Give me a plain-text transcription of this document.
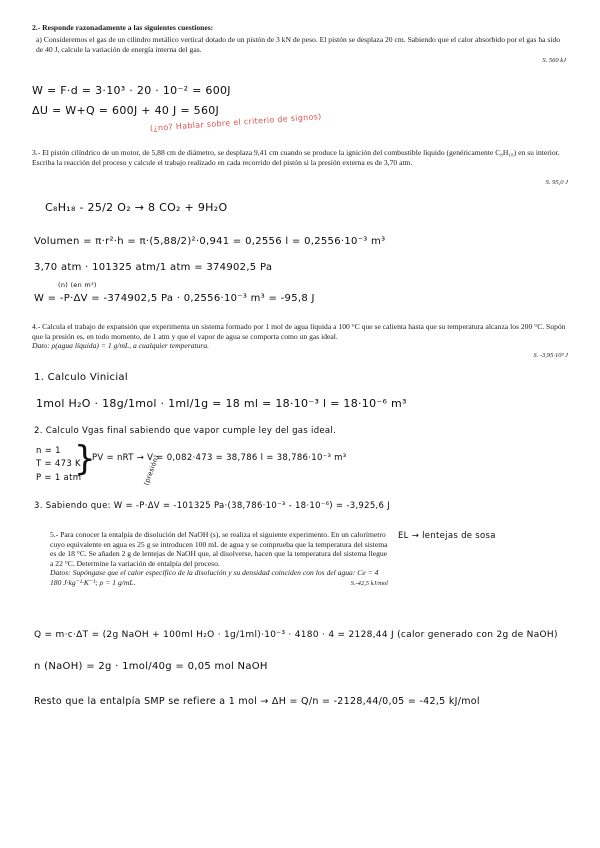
2.- Responde razonadamente a las siguientes cuestiones:

a) Consideremos el gas de un cilindro metálico vertical dotado de un pistón de 3 kN de peso. El pistón se desplaza 20 cm. Sabiendo que el calor absorbido por el gas ha sido de 40 J, calcule la variación de energía interna del gas.

S. 560 kJ
W = F·d = 3·10³ · 20 · 10⁻² = 600J
ΔU = W+Q = 600J + 40 J = 560J
(¿no? Hablar sobre el criterio de signos)

3.- El pistón cilíndrico de un motor, de 5,88 cm de diámetro, se desplaza 9,41 cm cuando se produce la ignición del combustible líquido (genéricamente C₈H₁₈) en su interior. Escriba la reacción del proceso y calcule el trabajo realizado en cada recorrido del pistón si la presión externa es de 3,70 atm.

S. 95,0 J
C₈H₁₈ - 25/2 O₂ → 8 CO₂ + 9H₂O
Volumen = π·r²·h = π·(5,88/2)²·0,941 = 0,2556 l = 0,2556·10⁻³ m³
3,70 atm · 101325 atm/1 atm = 374902,5 Pa
(n) (en m³)
W = -P·ΔV = -374902,5 Pa · 0,2556·10⁻³ m³ = -95,8 J

4.- Calcula el trabajo de expansión que experimenta un sistema formado por 1 mol de agua líquida a 100 °C que se calienta hasta que su temperatura alcanza los 200 °C. Supón que la presión es, en todo momento, de 1 atm y que el vapor de agua se comporta como un gas ideal.

Dato: ρ(agua líquida) = 1 g/mL, a cualquier temperatura.

S. -3,95·10³ J
1. Calculo Vinicial
1mol H₂O · 18g/1mol · 1ml/1g = 18 ml = 18·10⁻³ l = 18·10⁻⁶ m³
2. Calculo Vgas final sabiendo que vapor cumple ley del gas ideal.
n = 1
T = 473 K
P = 1 atm
}
PV = nRT → V = 0,082·473 = 38,786 l = 38,786·10⁻³ m³
(presión)
3. Sabiendo que: W = -P·ΔV = -101325 Pa·(38,786·10⁻³ - 18·10⁻⁶) = -3,925,6 J

5.- Para conocer la entalpía de disolución del NaOH (s), se realiza el siguiente experimento. En un calorímetro cuyo equivalente en agua es 25 g se introducen 100 mL de agua y se comprueba que la temperatura del sistema es de 18 °C. Se añaden 2 g de lentejas de NaOH que, al disolverse, hacen que la temperatura del sistema llegue a 22 °C. Determine la variación de entalpía del proceso.

Datos: Supóngase que el calor específico de la disolución y su densidad coinciden con los del agua: Ce = 4 180 J·kg⁻¹·K⁻¹; ρ = 1 g/mL.	S.-42,5 kJ/mol
EL → lentejas de sosa
Q = m·c·ΔT = (2g NaOH + 100ml H₂O · 1g/1ml)·10⁻³ · 4180 · 4 = 2128,44 J (calor generado con 2g de NaOH)
n (NaOH) = 2g · 1mol/40g = 0,05 mol NaOH
Resto que la entalpía SMP se refiere a 1 mol → ΔH = Q/n = -2128,44/0,05 = -42,5 kJ/mol
